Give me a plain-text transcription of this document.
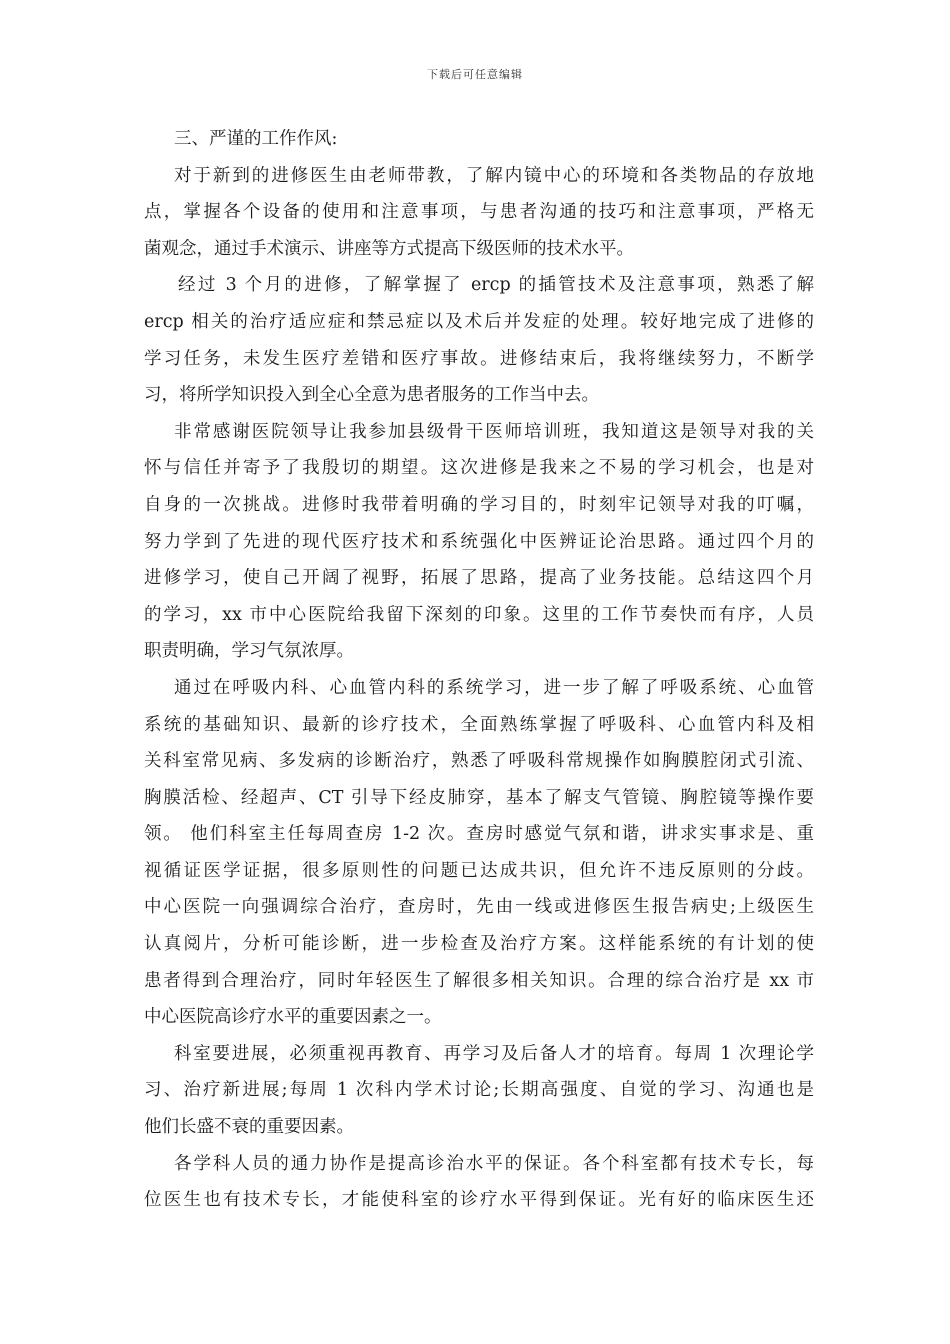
下载后可任意编辑
三、严谨的工作作风:
对于新到的进修医生由老师带教，了解内镜中心的环境和各类物品的存放地
点，掌握各个设备的使用和注意事项，与患者沟通的技巧和注意事项，严格无
菌观念，通过手术演示、讲座等方式提高下级医师的技术水平。
经过 3 个月的进修，了解掌握了 ercp 的插管技术及注意事项，熟悉了解
ercp 相关的治疗适应症和禁忌症以及术后并发症的处理。较好地完成了进修的
学习任务，未发生医疗差错和医疗事故。进修结束后，我将继续努力，不断学
习，将所学知识投入到全心全意为患者服务的工作当中去。
非常感谢医院领导让我参加县级骨干医师培训班，我知道这是领导对我的关
怀与信任并寄予了我殷切的期望。这次进修是我来之不易的学习机会，也是对
自身的一次挑战。进修时我带着明确的学习目的，时刻牢记领导对我的叮嘱，
努力学到了先进的现代医疗技术和系统强化中医辨证论治思路。通过四个月的
进修学习，使自己开阔了视野，拓展了思路，提高了业务技能。总结这四个月
的学习，xx 市中心医院给我留下深刻的印象。这里的工作节奏快而有序，人员
职责明确，学习气氛浓厚。
通过在呼吸内科、心血管内科的系统学习，进一步了解了呼吸系统、心血管
系统的基础知识、最新的诊疗技术，全面熟练掌握了呼吸科、心血管内科及相
关科室常见病、多发病的诊断治疗，熟悉了呼吸科常规操作如胸膜腔闭式引流、
胸膜活检、经超声、CT 引导下经皮肺穿，基本了解支气管镜、胸腔镜等操作要
领。 他们科室主任每周查房 1-2 次。查房时感觉气氛和谐，讲求实事求是、重
视循证医学证据，很多原则性的问题已达成共识，但允许不违反原则的分歧。
中心医院一向强调综合治疗，查房时，先由一线或进修医生报告病史;上级医生
认真阅片，分析可能诊断，进一步检查及治疗方案。这样能系统的有计划的使
患者得到合理治疗，同时年轻医生了解很多相关知识。合理的综合治疗是 xx 市
中心医院高诊疗水平的重要因素之一。
科室要进展，必须重视再教育、再学习及后备人才的培育。每周 1 次理论学
习、治疗新进展;每周 1 次科内学术讨论;长期高强度、自觉的学习、沟通也是
他们长盛不衰的重要因素。
各学科人员的通力协作是提高诊治水平的保证。各个科室都有技术专长，每
位医生也有技术专长，才能使科室的诊疗水平得到保证。光有好的临床医生还
